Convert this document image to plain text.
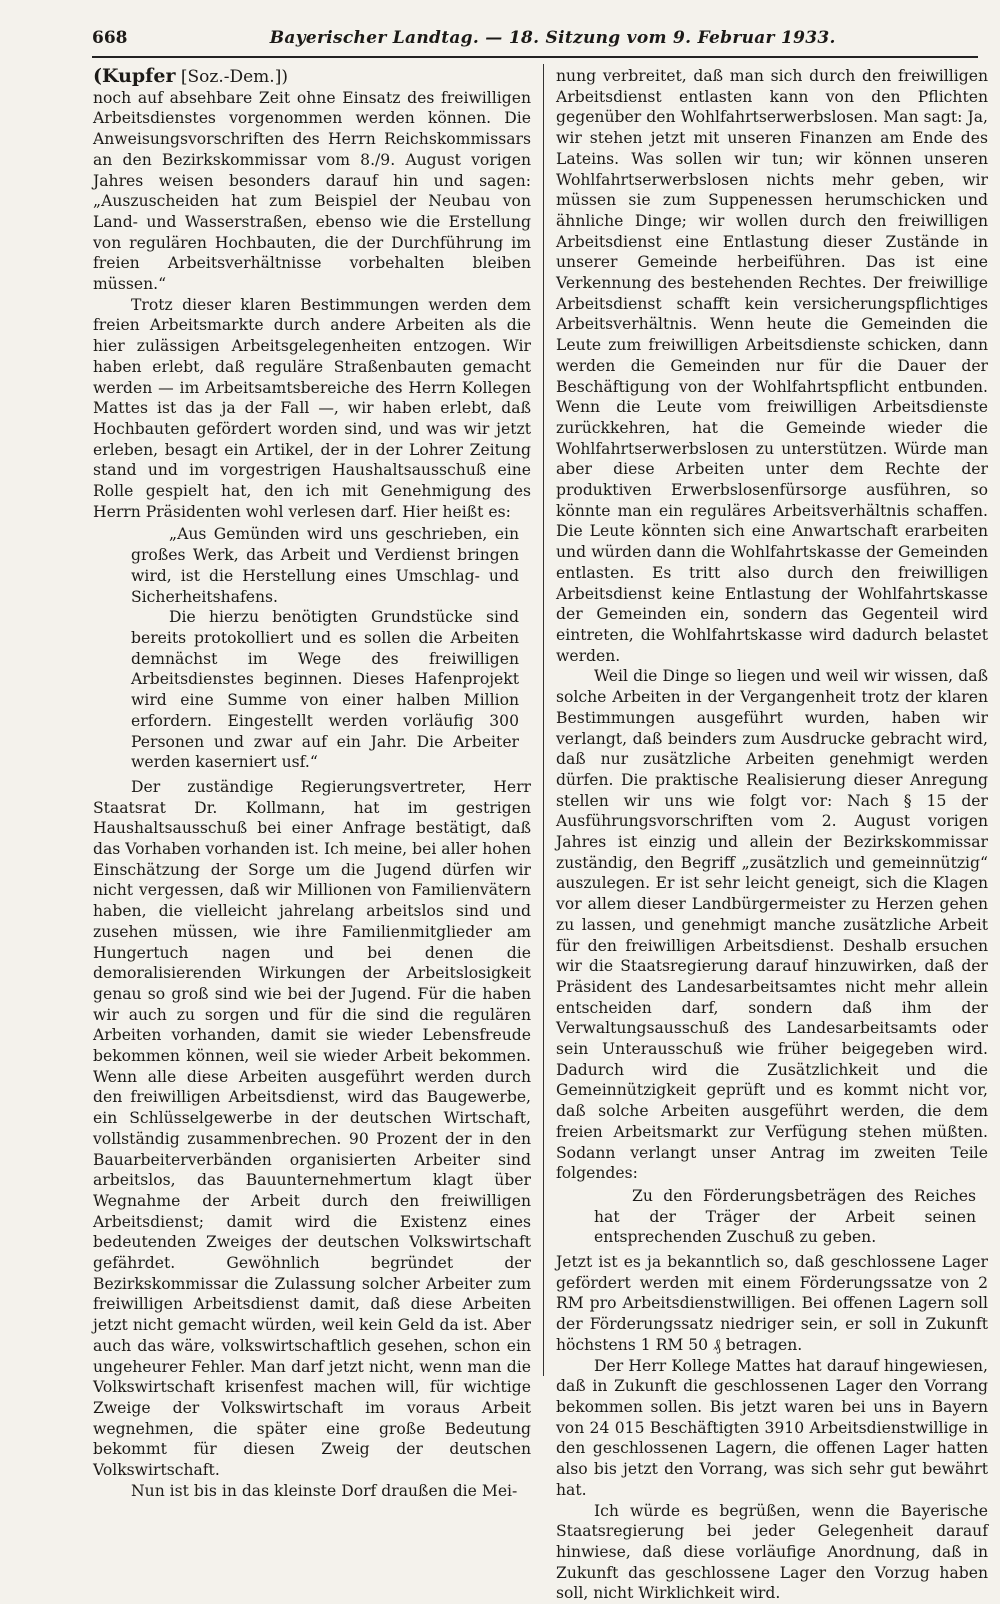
668	Bayerischer Landtag. — 18. Sitzung vom 9. Februar 1933.

(Kupfer [Soz.-Dem.])

noch auf absehbare Zeit ohne Einsatz des freiwilligen Arbeitsdienstes vorgenommen werden können. Die Anweisungsvorschriften des Herrn Reichskommissars an den Bezirkskommissar vom 8./9. August vorigen Jahres weisen besonders darauf hin und sagen: „Auszuscheiden hat zum Beispiel der Neubau von Land- und Wasserstraßen, ebenso wie die Erstellung von regulären Hochbauten, die der Durchführung im freien Arbeitsverhältnisse vorbehalten bleiben müssen.“

Trotz dieser klaren Bestimmungen werden dem freien Arbeitsmarkte durch andere Arbeiten als die hier zulässigen Arbeitsgelegenheiten entzogen. Wir haben erlebt, daß reguläre Straßenbauten gemacht werden — im Arbeitsamtsbereiche des Herrn Kollegen Mattes ist das ja der Fall —, wir haben erlebt, daß Hochbauten gefördert worden sind, und was wir jetzt erleben, besagt ein Artikel, der in der Lohrer Zeitung stand und im vorgestrigen Haushaltsausschuß eine Rolle gespielt hat, den ich mit Genehmigung des Herrn Präsidenten wohl verlesen darf. Hier heißt es:

„Aus Gemünden wird uns geschrieben, ein großes Werk, das Arbeit und Verdienst bringen wird, ist die Herstellung eines Umschlag- und Sicherheitshafens.

Die hierzu benötigten Grundstücke sind bereits protokolliert und es sollen die Arbeiten demnächst im Wege des freiwilligen Arbeitsdienstes beginnen. Dieses Hafenprojekt wird eine Summe von einer halben Million erfordern. Eingestellt werden vorläufig 300 Personen und zwar auf ein Jahr. Die Arbeiter werden kaserniert usf.“

Der zuständige Regierungsvertreter, Herr Staatsrat Dr. Kollmann, hat im gestrigen Haushaltsausschuß bei einer Anfrage bestätigt, daß das Vorhaben vorhanden ist. Ich meine, bei aller hohen Einschätzung der Sorge um die Jugend dürfen wir nicht vergessen, daß wir Millionen von Familienvätern haben, die vielleicht jahrelang arbeitslos sind und zusehen müssen, wie ihre Familienmitglieder am Hungertuch nagen und bei denen die demoralisierenden Wirkungen der Arbeitslosigkeit genau so groß sind wie bei der Jugend. Für die haben wir auch zu sorgen und für die sind die regulären Arbeiten vorhanden, damit sie wieder Lebensfreude bekommen können, weil sie wieder Arbeit bekommen. Wenn alle diese Arbeiten ausgeführt werden durch den freiwilligen Arbeitsdienst, wird das Baugewerbe, ein Schlüsselgewerbe in der deutschen Wirtschaft, vollständig zusammenbrechen. 90 Prozent der in den Bauarbeiterverbänden organisierten Arbeiter sind arbeitslos, das Bauunternehmertum klagt über Wegnahme der Arbeit durch den freiwilligen Arbeitsdienst; damit wird die Existenz eines bedeutenden Zweiges der deutschen Volkswirtschaft gefährdet. Gewöhnlich begründet der Bezirkskommissar die Zulassung solcher Arbeiter zum freiwilligen Arbeitsdienst damit, daß diese Arbeiten jetzt nicht gemacht würden, weil kein Geld da ist. Aber auch das wäre, volkswirtschaftlich gesehen, schon ein ungeheurer Fehler. Man darf jetzt nicht, wenn man die Volkswirtschaft krisenfest machen will, für wichtige Zweige der Volkswirtschaft im voraus Arbeit wegnehmen, die später eine große Bedeutung bekommt für diesen Zweig der deutschen Volkswirtschaft.

Nun ist bis in das kleinste Dorf draußen die Mei-

nung verbreitet, daß man sich durch den freiwilligen Arbeitsdienst entlasten kann von den Pflichten gegenüber den Wohlfahrtserwerbslosen. Man sagt: Ja, wir stehen jetzt mit unseren Finanzen am Ende des Lateins. Was sollen wir tun; wir können unseren Wohlfahrtserwerbslosen nichts mehr geben, wir müssen sie zum Suppenessen herumschicken und ähnliche Dinge; wir wollen durch den freiwilligen Arbeitsdienst eine Entlastung dieser Zustände in unserer Gemeinde herbeiführen. Das ist eine Verkennung des bestehenden Rechtes. Der freiwillige Arbeitsdienst schafft kein versicherungspflichtiges Arbeitsverhältnis. Wenn heute die Gemeinden die Leute zum freiwilligen Arbeitsdienste schicken, dann werden die Gemeinden nur für die Dauer der Beschäftigung von der Wohlfahrtspflicht entbunden. Wenn die Leute vom freiwilligen Arbeitsdienste zurückkehren, hat die Gemeinde wieder die Wohlfahrtserwerbslosen zu unterstützen. Würde man aber diese Arbeiten unter dem Rechte der produktiven Erwerbslosenfürsorge ausführen, so könnte man ein reguläres Arbeitsverhältnis schaffen. Die Leute könnten sich eine Anwartschaft erarbeiten und würden dann die Wohlfahrtskasse der Gemeinden entlasten. Es tritt also durch den freiwilligen Arbeitsdienst keine Entlastung der Wohlfahrtskasse der Gemeinden ein, sondern das Gegenteil wird eintreten, die Wohlfahrtskasse wird dadurch belastet werden.

Weil die Dinge so liegen und weil wir wissen, daß solche Arbeiten in der Vergangenheit trotz der klaren Bestimmungen ausgeführt wurden, haben wir verlangt, daß beinders zum Ausdrucke gebracht wird, daß nur zusätzliche Arbeiten genehmigt werden dürfen. Die praktische Realisierung dieser Anregung stellen wir uns wie folgt vor: Nach § 15 der Ausführungsvorschriften vom 2. August vorigen Jahres ist einzig und allein der Bezirkskommissar zuständig, den Begriff „zusätzlich und gemeinnützig“ auszulegen. Er ist sehr leicht geneigt, sich die Klagen vor allem dieser Landbürgermeister zu Herzen gehen zu lassen, und genehmigt manche zusätzliche Arbeit für den freiwilligen Arbeitsdienst. Deshalb ersuchen wir die Staatsregierung darauf hinzuwirken, daß der Präsident des Landesarbeitsamtes nicht mehr allein entscheiden darf, sondern daß ihm der Verwaltungsausschuß des Landesarbeitsamts oder sein Unterausschuß wie früher beigegeben wird. Dadurch wird die Zusätzlichkeit und die Gemeinnützigkeit geprüft und es kommt nicht vor, daß solche Arbeiten ausgeführt werden, die dem freien Arbeitsmarkt zur Verfügung stehen müßten. Sodann verlangt unser Antrag im zweiten Teile folgendes:

Zu den Förderungsbeträgen des Reiches hat der Träger der Arbeit seinen entsprechenden Zuschuß zu geben.

Jetzt ist es ja bekanntlich so, daß geschlossene Lager gefördert werden mit einem Förderungssatze von 2 RM pro Arbeitsdienstwilligen. Bei offenen Lagern soll der Förderungssatz niedriger sein, er soll in Zukunft höchstens 1 RM 50 ₰ betragen.

Der Herr Kollege Mattes hat darauf hingewiesen, daß in Zukunft die geschlossenen Lager den Vorrang bekommen sollen. Bis jetzt waren bei uns in Bayern von 24 015 Beschäftigten 3910 Arbeitsdienstwillige in den geschlossenen Lagern, die offenen Lager hatten also bis jetzt den Vorrang, was sich sehr gut bewährt hat.

Ich würde es begrüßen, wenn die Bayerische Staatsregierung bei jeder Gelegenheit darauf hinwiese, daß diese vorläufige Anordnung, daß in Zukunft das geschlossene Lager den Vorzug haben soll, nicht Wirklichkeit wird.
